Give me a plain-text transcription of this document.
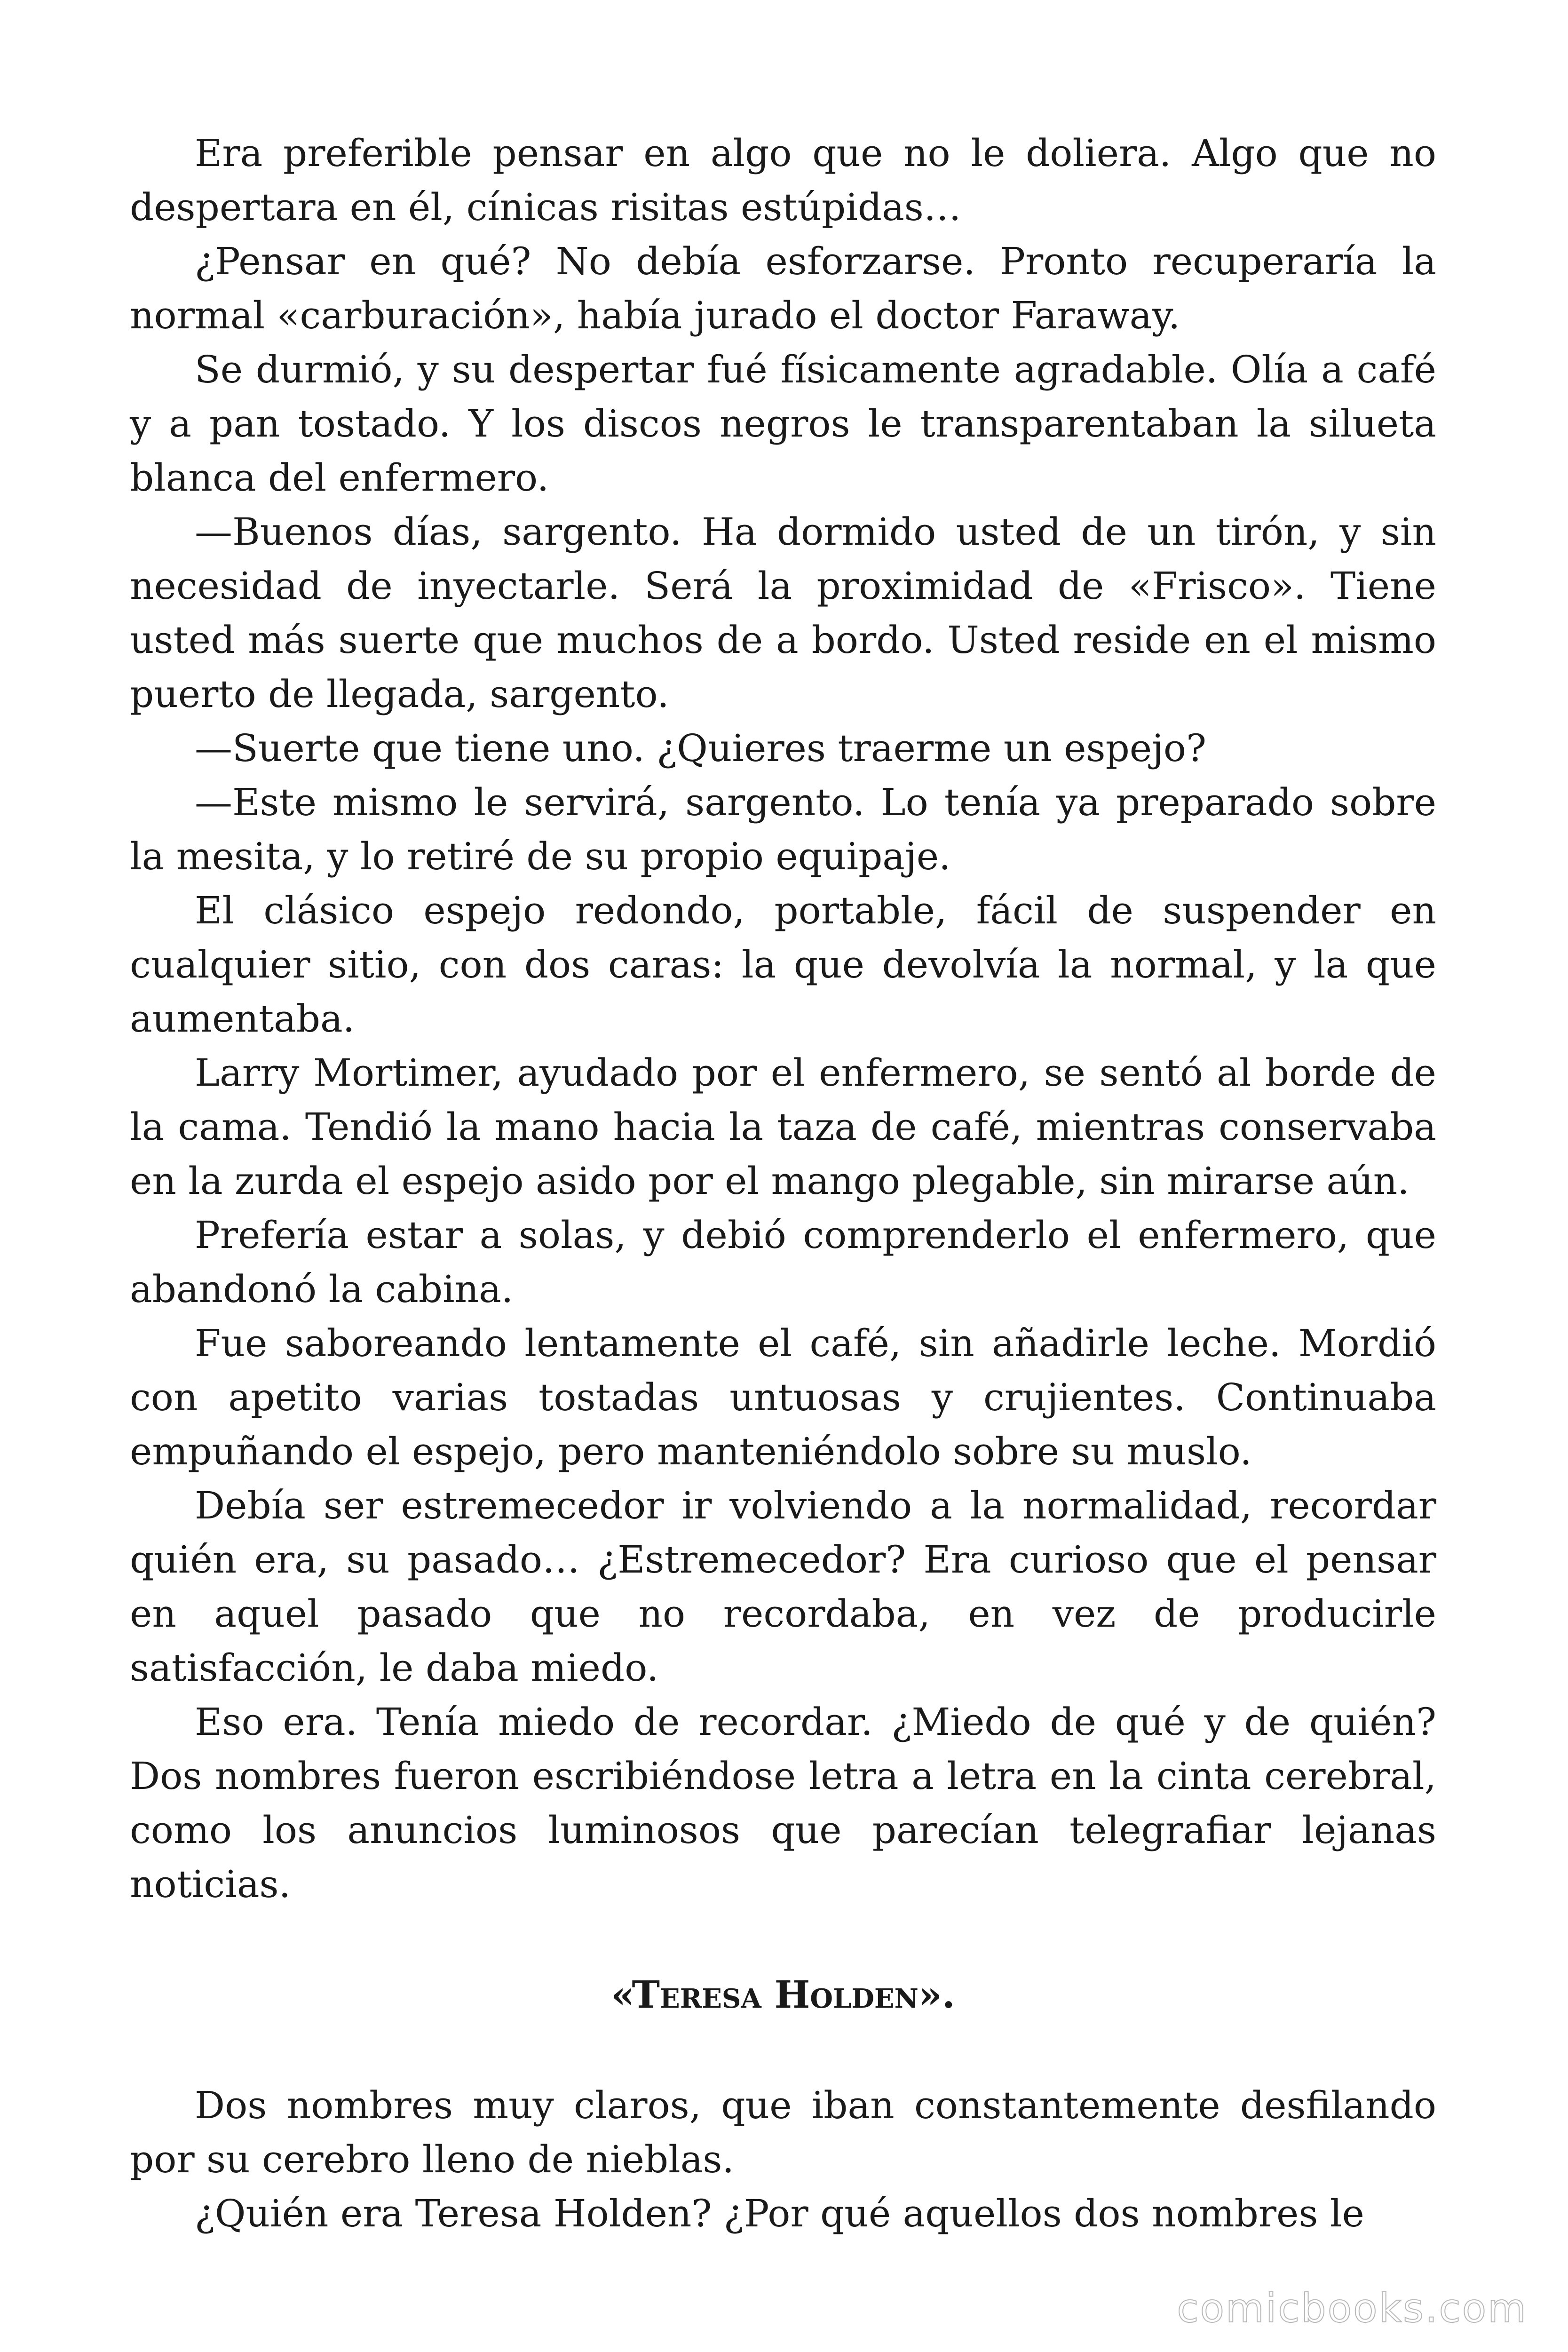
Era preferible pensar en algo que no le doliera. Algo que no despertara en él, cínicas risitas estúpidas…

¿Pensar en qué? No debía esforzarse. Pronto recuperaría la normal «carburación», había jurado el doctor Faraway.

Se durmió, y su despertar fué físicamente agradable. Olía a café y a pan tostado. Y los discos negros le transparentaban la silueta blanca del enfermero.

—Buenos días, sargento. Ha dormido usted de un tirón, y sin necesidad de inyectarle. Será la proximidad de «Frisco». Tiene usted más suerte que muchos de a bordo. Usted reside en el mismo puerto de llegada, sargento.

—Suerte que tiene uno. ¿Quieres traerme un espejo?

—Este mismo le servirá, sargento. Lo tenía ya preparado sobre la mesita, y lo retiré de su propio equipaje.

El clásico espejo redondo, portable, fácil de suspender en cualquier sitio, con dos caras: la que devolvía la normal, y la que aumentaba.

Larry Mortimer, ayudado por el enfermero, se sentó al borde de la cama. Tendió la mano hacia la taza de café, mientras conservaba en la zurda el espejo asido por el mango plegable, sin mirarse aún.

Prefería estar a solas, y debió comprenderlo el enfermero, que abandonó la cabina.

Fue saboreando lentamente el café, sin añadirle leche. Mordió con apetito varias tostadas untuosas y crujientes. Continuaba empuñando el espejo, pero manteniéndolo sobre su muslo.

Debía ser estremecedor ir volviendo a la normalidad, recordar quién era, su pasado… ¿Estremecedor? Era curioso que el pensar en aquel pasado que no recordaba, en vez de producirle satisfacción, le daba miedo.

Eso era. Tenía miedo de recordar. ¿Miedo de qué y de quién? Dos nombres fueron escribiéndose letra a letra en la cinta cerebral, como los anuncios luminosos que parecían telegrafiar lejanas noticias.

«Teresa Holden».

Dos nombres muy claros, que iban constantemente desfilando por su cerebro lleno de nieblas.

¿Quién era Teresa Holden? ¿Por qué aquellos dos nombres le

comicbooks.com
